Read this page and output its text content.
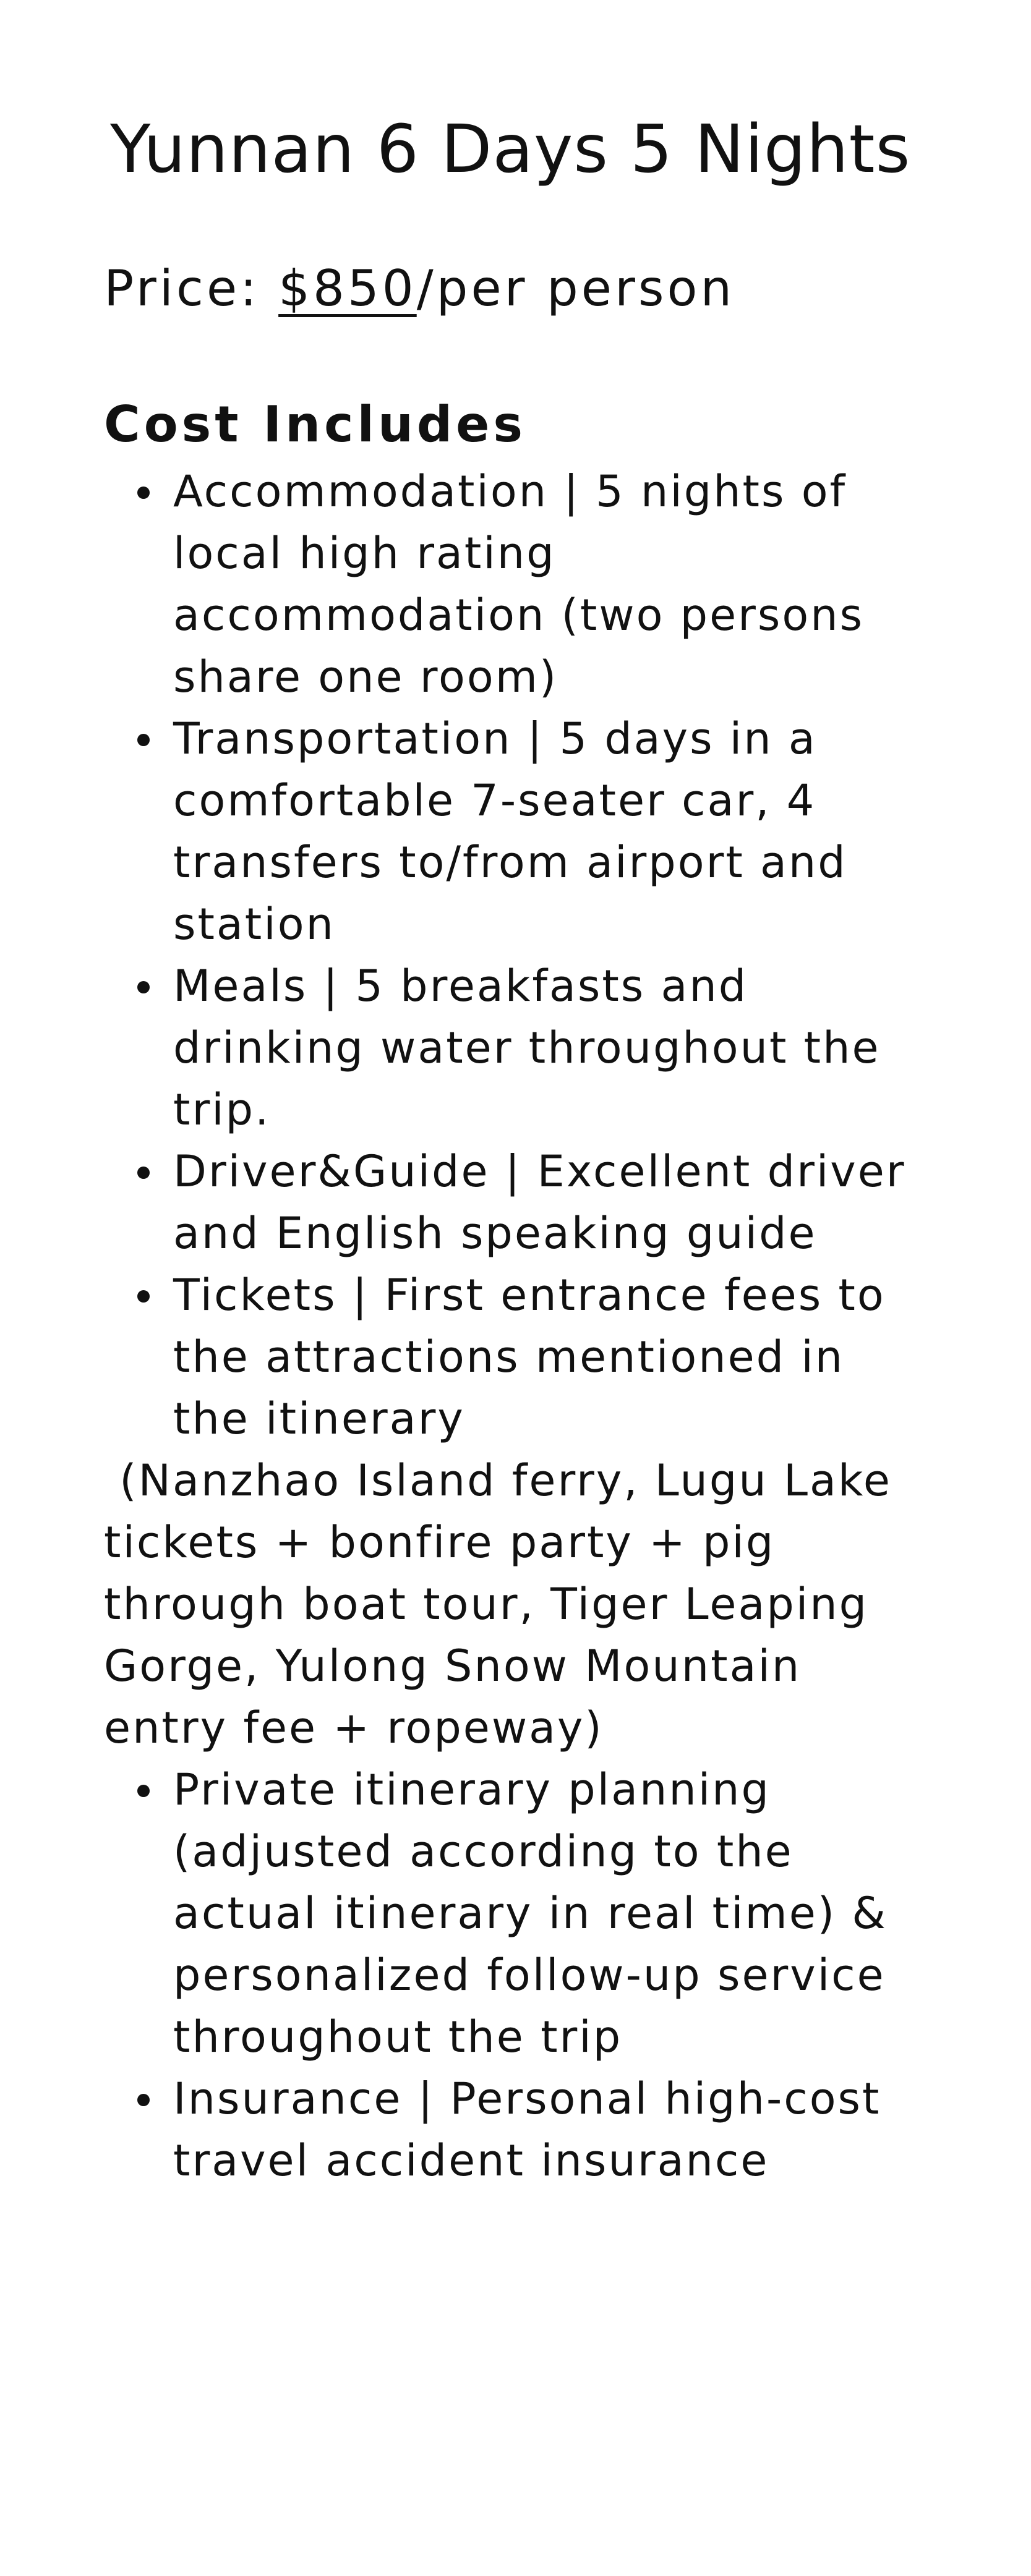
Yunnan 6 Days 5 Nights

Price: $850/per person

Cost Includes
Accommodation | 5 nights of local high rating accommodation (two persons share one room)
Transportation | 5 days in a comfortable 7-seater car, 4 transfers to/from airport and station
Meals | 5 breakfasts and drinking water throughout the trip.
Driver&Guide | Excellent driver and English speaking guide
Tickets | First entrance fees to the attractions mentioned in the itinerary

(Nanzhao Island ferry, Lugu Lake tickets + bonfire party + pig through boat tour, Tiger Leaping Gorge, Yulong Snow Mountain entry fee + ropeway)

Private itinerary planning (adjusted according to the actual itinerary in real time) & personalized follow-up service throughout the trip
Insurance | Personal high-cost travel accident insurance
